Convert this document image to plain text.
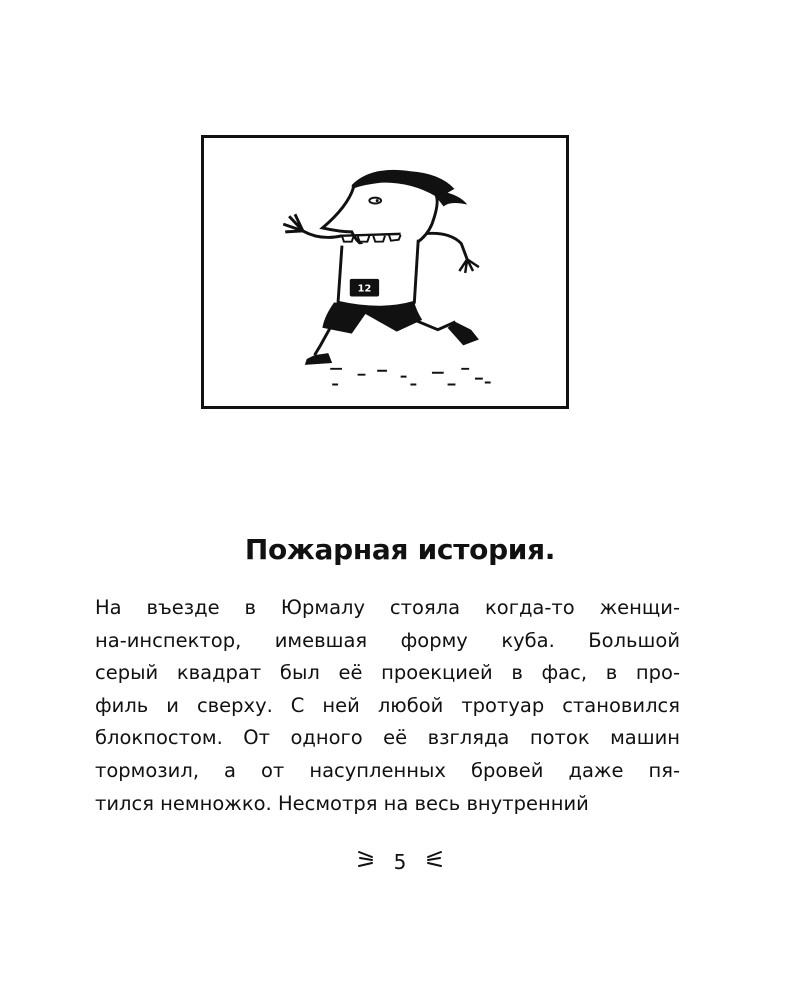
12
Пожарная история.
На въезде в Юрмалу стояла когда-то женщи-
на-инспектор, имевшая форму куба. Большой
серый квадрат был её проекцией в фас, в про-
филь и сверху. С ней любой тротуар становился
блокпостом. От одного её взгляда поток машин
тормозил, а от насупленных бровей даже пя-
тился немножко. Несмотря на весь внутренний
5
